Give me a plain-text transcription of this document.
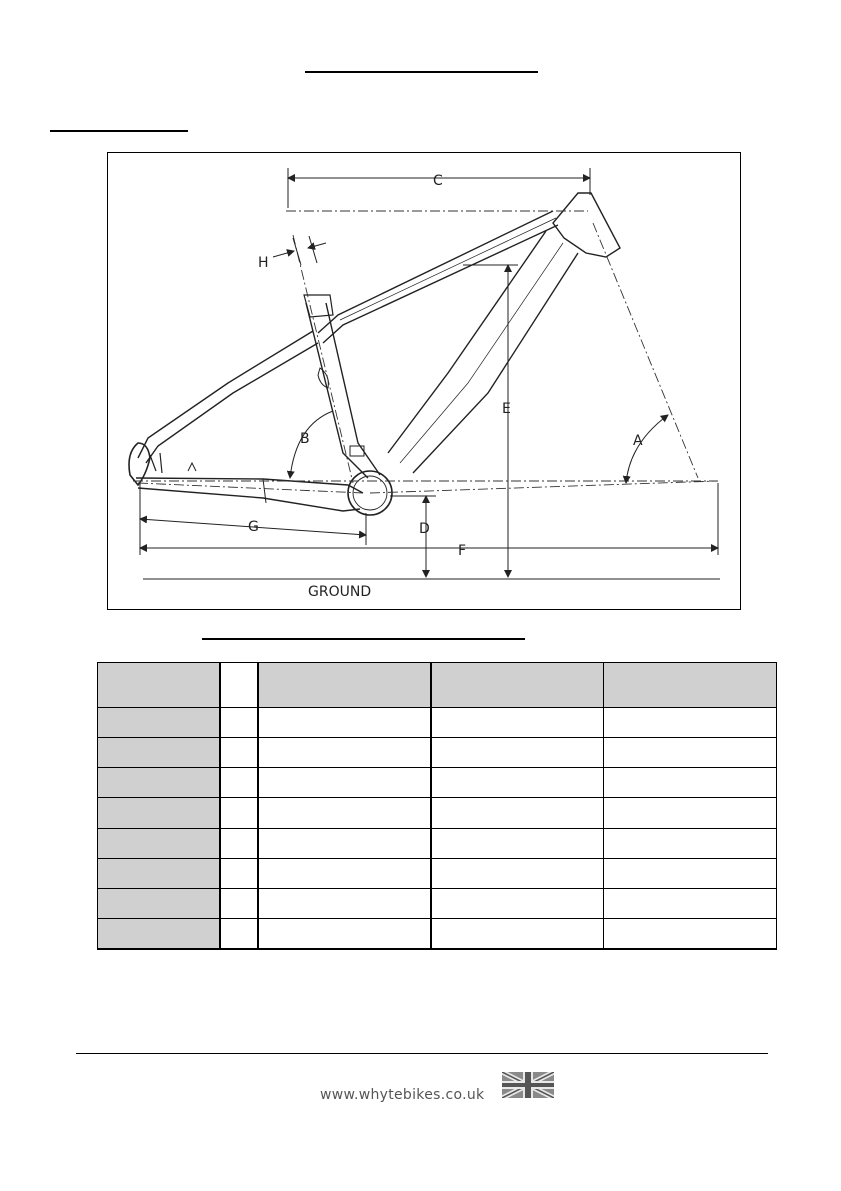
C
H
B
E
A
D
G
F
GROUND

www.whytebikes.co.uk
